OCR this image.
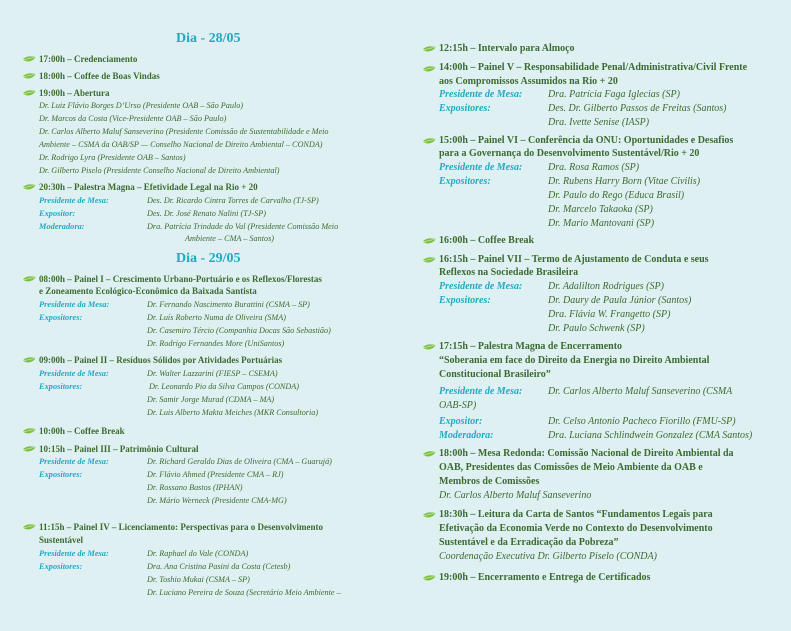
Dia - 28/05
17:00h – Credenciamento
18:00h – Coffee de Boas Vindas
19:00h – Abertura
Dr. Luiz Flávio Borges D’Urso (Presidente OAB – São Paulo)
Dr. Marcos da Costa (Vice-Presidente OAB – São Paulo)
Dr. Carlos Alberto Maluf Sanseverino (Presidente Comissão de Sustentabilidade e Meio
Ambiente – CSMA da OAB/SP — Conselho Nacional de Direito Ambiental – CONDA)
Dr. Rodrigo Lyra (Presidente OAB – Santos)
Dr. Gilberto Piselo (Presidente Conselho Nacional de Direito Ambiental)
20:30h – Palestra Magna – Efetividade Legal na Rio + 20
Presidente de Mesa:	Des. Dr. Ricardo Cintra Torres de Carvalho (TJ-SP)
Expositor:	Des. Dr. José Renato Nalini (TJ-SP)
Moderadora:	Dra. Patrícia Trindade do Val (Presidente Comissão Meio
Ambiente – CMA – Santos)
Dia - 29/05
08:00h – Painel I – Crescimento Urbano-Portuário e os Reflexos/Florestas
e Zoneamento Ecológico-Econômico da Baixada Santista
Presidente da Mesa:	Dr. Fernando Nascimento Burattini (CSMA – SP)
Expositores:	Dr. Luís Roberto Numa de Oliveira (SMA)
Dr. Casemiro Tércio (Companhia Docas São Sebastião)
Dr. Rodrigo Fernandes More (UniSantos)
09:00h – Painel II – Resíduos Sólidos por Atividades Portuárias
Presidente de Mesa:	Dr. Walter Lazzarini (FIESP – CSEMA)
Expositores:	Dr. Leonardo Pio da Silva Campos (CONDA)
Dr. Samir Jorge Murad (CDMA – MA)
Dr. Luis Alberto Makta Meiches (MKR Consultoria)
10:00h – Coffee Break
10:15h – Painel III – Patrimônio Cultural
Presidente de Mesa:	Dr. Richard Geraldo Dias de Oliveira (CMA – Guarujá)
Expositores:	Dr. Flávio Ahmed (Presidente CMA – RJ)
Dr. Rossano Bastos (IPHAN)
Dr. Mário Werneck (Presidente CMA-MG)
11:15h – Painel IV – Licenciamento: Perspectivas para o Desenvolvimento
Sustentável
Presidente de Mesa:	Dr. Raphael do Vale (CONDA)
Expositores:	Dra. Ana Cristina Pasini da Costa (Cetesb)
Dr. Toshio Mukai (CSMA – SP)
Dr. Luciano Pereira de Souza (Secretário Meio Ambiente –
12:15h – Intervalo para Almoço
14:00h – Painel V – Responsabilidade Penal/Administrativa/Civil Frente
aos Compromissos Assumidos na Rio + 20
Presidente de Mesa:	Dra. Patrícia Faga Iglecias (SP)
Expositores:	Des. Dr. Gilberto Passos de Freitas (Santos)
Dra. Ivette Senise (IASP)
15:00h – Painel VI – Conferência da ONU: Oportunidades e Desafios
para a Governança do Desenvolvimento Sustentável/Rio + 20
Presidente de Mesa:	Dra. Rosa Ramos (SP)
Expositores:	Dr. Rubens Harry Born (Vitae Civilis)
Dr. Paulo do Rego (Educa Brasil)
Dr. Marcelo Takaoka (SP)
Dr. Mario Mantovani (SP)
16:00h – Coffee Break
16:15h – Painel VII – Termo de Ajustamento de Conduta e seus
Reflexos na Sociedade Brasileira
Presidente de Mesa:	Dr. Adalilton Rodrigues (SP)
Expositores:	Dr. Daury de Paula Júnior (Santos)
Dra. Flávia W. Frangetto (SP)
Dr. Paulo Schwenk (SP)
17:15h – Palestra Magna de Encerramento
“Soberania em face do Direito da Energia no Direito Ambiental
Constitucional Brasileiro”
Presidente de Mesa:	Dr. Carlos Alberto Maluf Sanseverino (CSMA
OAB-SP)
Expositor:	Dr. Celso Antonio Pacheco Fiorillo (FMU-SP)
Moderadora:	Dra. Luciana Schlindwein Gonzalez (CMA Santos)
18:00h – Mesa Redonda: Comissão Nacional de Direito Ambiental da
OAB, Presidentes das Comissões de Meio Ambiente da OAB e
Membros de Comissões
Dr. Carlos Alberto Maluf Sanseverino
18:30h – Leitura da Carta de Santos “Fundamentos Legais para
Efetivação da Economia Verde no Contexto do Desenvolvimento
Sustentável e da Erradicação da Pobreza”
Coordenação Executiva Dr. Gilberto Piselo (CONDA)
19:00h – Encerramento e Entrega de Certificados
